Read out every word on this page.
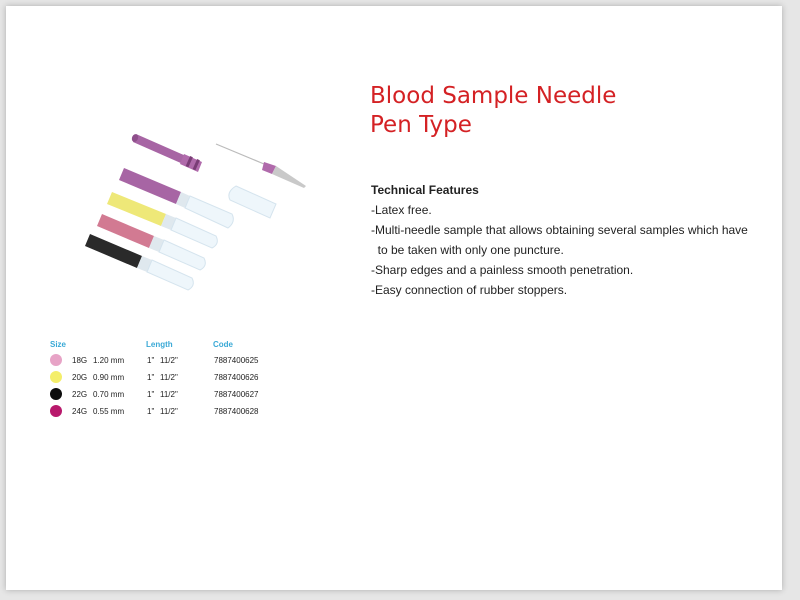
Blood Sample Needle
Pen Type
Technical Features
-Latex free.
-Multi-needle sample that allows obtaining several samples which have
to be taken with only one puncture.
-Sharp edges and a painless smooth penetration.
-Easy connection of rubber stoppers.
Size	Length	Code
18G 1.20 mm	1" 11/2"	7887400625
20G 0.90 mm	1" 11/2"	7887400626
22G 0.70 mm	1" 11/2"	7887400627
24G 0.55 mm	1" 11/2"	7887400628
